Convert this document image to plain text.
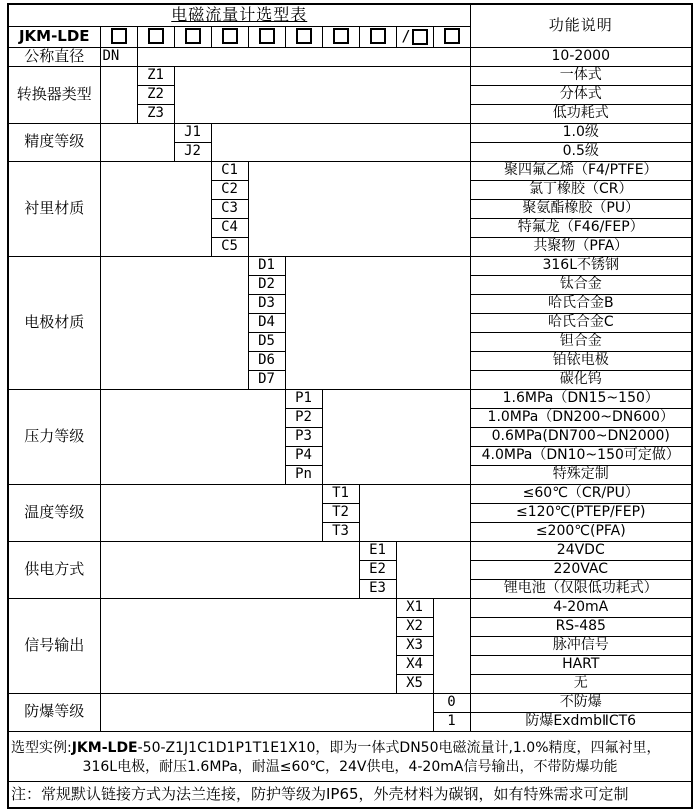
电磁流量计选型表											功能说明
JKM-LDE									/		
公称直径	DN										10-2000
转换器类型		Z1									一体式
		Z2									分体式
		Z3									低功耗式
精度等级			J1								1.0级
			J2								0.5级
衬里材质				C1							聚四氟乙烯（F4/PTFE）
				C2							氯丁橡胶（CR）
				C3							聚氨酯橡胶（PU）
				C4							特氟龙（F46/FEP）
				C5							共聚物（PFA）
电极材质					D1						316L不锈钢
					D2						钛合金
					D3						哈氏合金B
					D4						哈氏合金C
					D5						钽合金
					D6						铂铱电极
					D7						碳化钨
压力等级						P1					1.6MPa（DN15~150）
						P2					1.0MPa（DN200~DN600）
						P3					0.6MPa(DN700~DN2000)
						P4					4.0MPa（DN10~150可定做）
						Pn					特殊定制
温度等级							T1				≤60℃（CR/PU）
							T2				≤120℃(PTEP/FEP)
							T3				≤200℃(PFA)
供电方式								E1			24VDC
								E2			220VAC
								E3			锂电池（仅限低功耗式）
信号输出									X1		4-20mA
									X2		RS-485
									X3		脉冲信号
									X4		HART
									X5		无
防爆等级										0	不防爆
										1	防爆ExdmbⅡCT6

选型实例:JKM-LDE-50-Z1J1C1D1P1T1E1X10，即为一体式DN50电磁流量计,1.0%精度，四氟衬里，
316L电极，耐压1.6MPa，耐温≤60℃，24V供电，4-20mA信号输出，不带防爆功能											

注：常规默认链接方式为法兰连接，防护等级为IP65，外壳材料为碳钢，如有特殊需求可定制											
